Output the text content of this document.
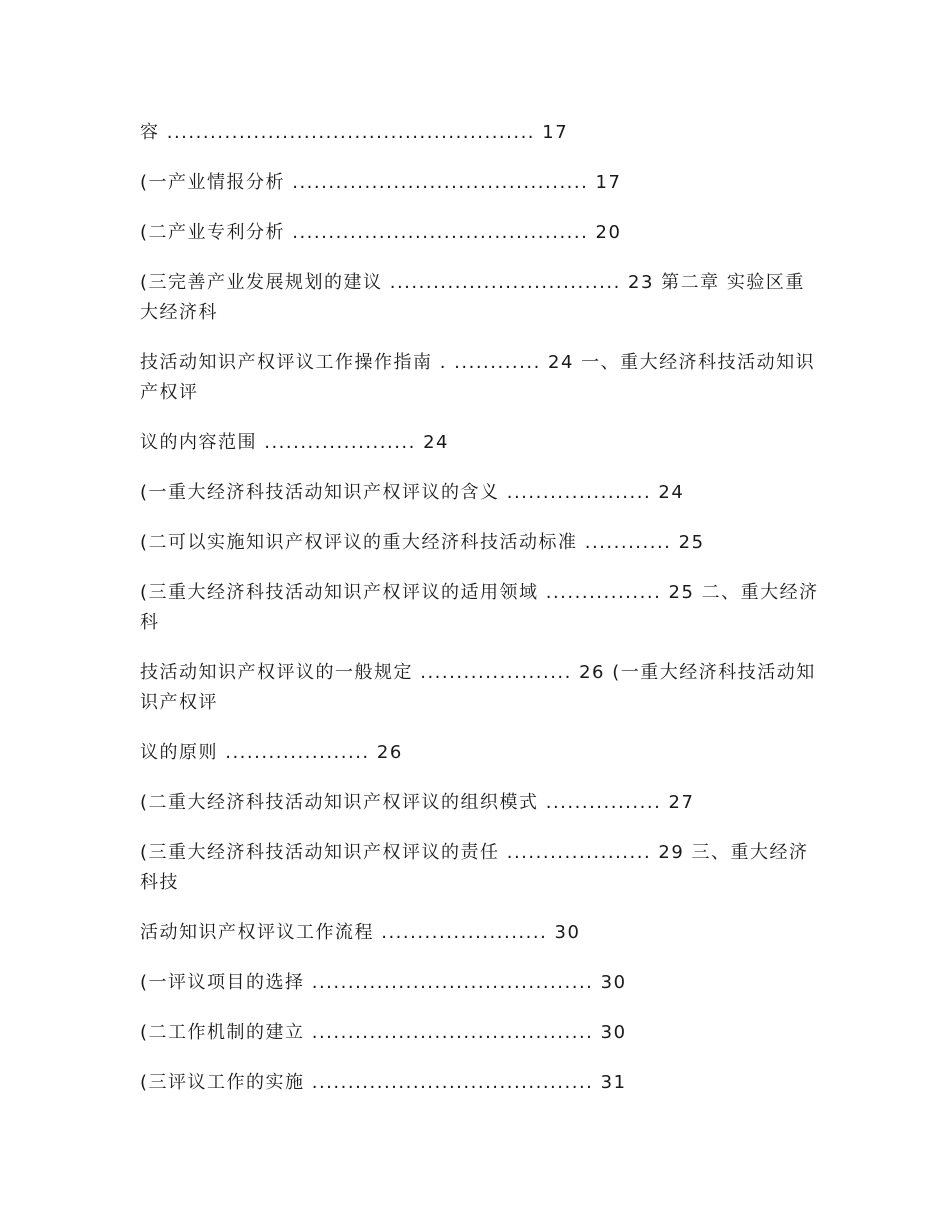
容 ................................................... 17

(一产业情报分析 ......................................... 17

(二产业专利分析 ......................................... 20

(三完善产业发展规划的建议 ................................ 23 第二章 实验区重大经济科

技活动知识产权评议工作操作指南 . ............ 24 一、重大经济科技活动知识产权评

议的内容范围 ..................... 24

(一重大经济科技活动知识产权评议的含义 .................... 24

(二可以实施知识产权评议的重大经济科技活动标准 ............ 25

(三重大经济科技活动知识产权评议的适用领域 ................ 25 二、重大经济科

技活动知识产权评议的一般规定 ..................... 26 (一重大经济科技活动知识产权评

议的原则 .................... 26

(二重大经济科技活动知识产权评议的组织模式 ................ 27

(三重大经济科技活动知识产权评议的责任 .................... 29 三、重大经济科技

活动知识产权评议工作流程 ....................... 30

(一评议项目的选择 ....................................... 30

(二工作机制的建立 ....................................... 30

(三评议工作的实施 ....................................... 31
